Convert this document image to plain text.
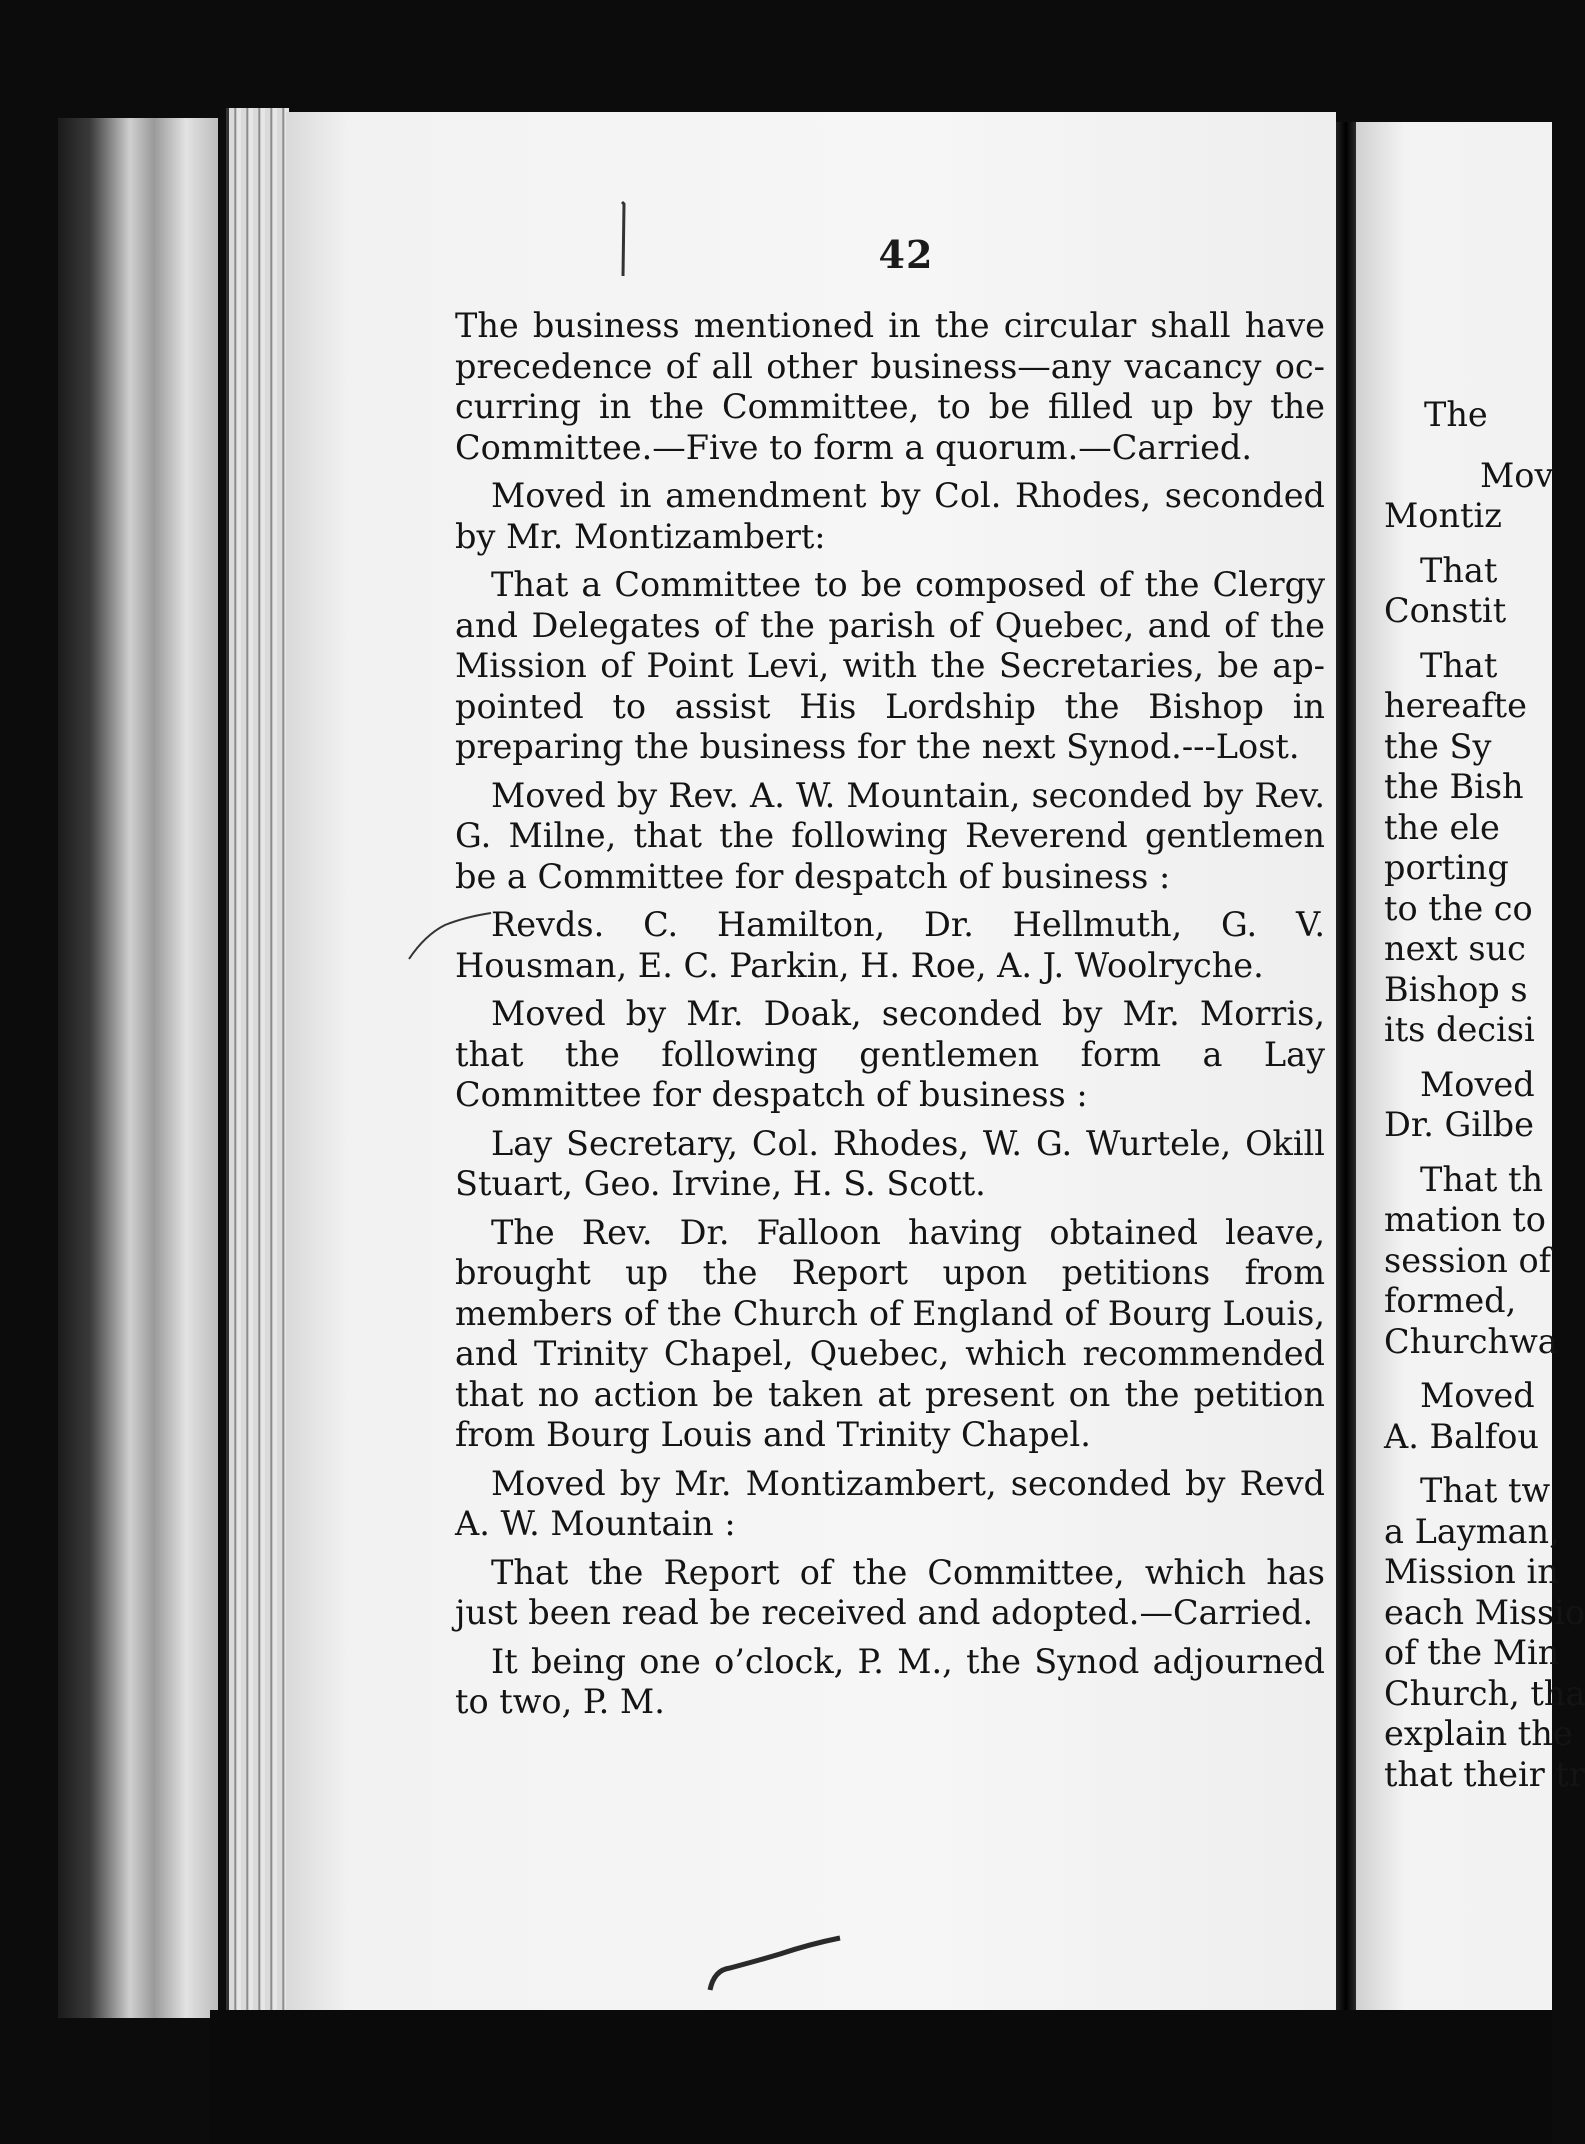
42

The business mentioned in the circular shall have precedence of all other business—any vacancy occurring in the Committee, to be filled up by the Committee.—Five to form a quorum.—Carried.

Moved in amendment by Col. Rhodes, seconded by Mr. Montizambert:

That a Committee to be composed of the Clergy and Delegates of the parish of Quebec, and of the Mission of Point Levi, with the Secretaries, be appointed to assist His Lordship the Bishop in preparing the business for the next Synod.---Lost.

Moved by Rev. A. W. Mountain, seconded by Rev. G. Milne, that the following Reverend gentlemen be a Committee for despatch of business :

Revds. C. Hamilton, Dr. Hellmuth, G. V. Housman, E. C. Parkin, H. Roe, A. J. Woolryche.

Moved by Mr. Doak, seconded by Mr. Morris, that the following gentlemen form a Lay Committee for despatch of business :

Lay Secretary, Col. Rhodes, W. G. Wurtele, Okill Stuart, Geo. Irvine, H. S. Scott.

The Rev. Dr. Falloon having obtained leave, brought up the Report upon petitions from members of the Church of England of Bourg Louis, and Trinity Chapel, Quebec, which recommended that no action be taken at present on the petition from Bourg Louis and Trinity Chapel.

Moved by Mr. Montizambert, seconded by Revd A. W. Mountain :

That the Report of the Committee, which has just been read be received and adopted.—Carried.

It being one o’clock, P. M., the Synod adjourned to two, P. M.

The
Mov
Montiz
That
Constit
That
hereafte
the Sy
the Bish
the ele
porting
to the co
next suc
Bishop s
its decisi
Moved
Dr. Gilbe
That th
mation to
session of
formed,
Churchwa
Moved
A. Balfou
That tw
a Layman,
Mission in
each Missio
of the Min
Church, tha
explain the
that their tr
